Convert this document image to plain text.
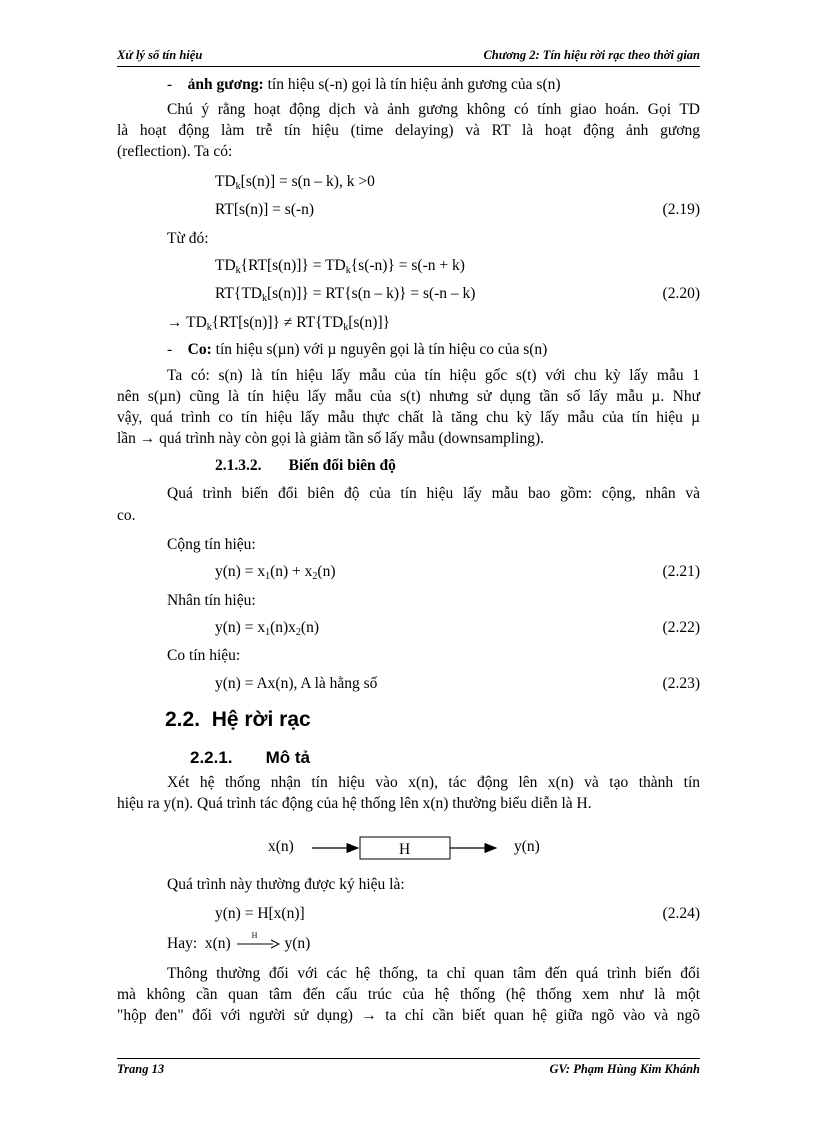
Xử lý số tín hiệu	Chương 2: Tín hiệu rời rạc theo thời gian
- ảnh gương: tín hiệu s(-n) gọi là tín hiệu ảnh gương của s(n)
Chú ý rằng hoạt động dịch và ảnh gương không có tính giao hoán. Gọi TD
là hoạt động làm trễ tín hiệu (time delaying) và RT là hoạt động ảnh gương
(reflection). Ta có:
$TD_k[s(n)] = s(n - k)$, k >0
RT[s(n)] = s(-n)	(2.19)
Từ đó:
$TD_k\{RT[s(n)]\} = TD_k\{s(-n)\} = s(-n + k)$
$RT\{TD_k[s(n)]\} = RT\{s(n - k)\} = s(-n - k)$	(2.20)
→ $TD_k\{RT[s(n)]\} \ne RT\{TD_k[s(n)]\}$
- Co: tín hiệu s(µn) với µ nguyên gọi là tín hiệu co của s(n)
Ta có: s(n) là tín hiệu lấy mẫu của tín hiệu gốc s(t) với chu kỳ lấy mẫu 1
nên s(µn) cũng là tín hiệu lấy mẫu của s(t) nhưng sử dụng tần số lấy mẫu µ. Như
vậy, quá trình co tín hiệu lấy mẫu thực chất là tăng chu kỳ lấy mẫu của tín hiệu µ
lần → quá trình này còn gọi là giảm tần số lấy mẫu (downsampling).
2.1.3.2. Biến đổi biên độ
Quá trình biến đổi biên độ của tín hiệu lấy mẫu bao gồm: cộng, nhân và
co.
Cộng tín hiệu:
$y(n) = x_1(n) + x_2(n)$	(2.21)
Nhân tín hiệu:
$y(n) = x_1(n)x_2(n)$	(2.22)
Co tín hiệu:
y(n) = Ax(n), A là hằng số	(2.23)
2.2. Hệ rời rạc
2.2.1. Mô tả
Xét hệ thống nhận tín hiệu vào x(n), tác động lên x(n) và tạo thành tín
hiệu ra y(n). Quá trình tác động của hệ thống lên x(n) thường biểu diễn là H.
x(n)	H	y(n)
Quá trình này thường được ký hiệu là:
y(n) = H[x(n)]	(2.24)
Hay: x(n)	H y(n)
Thông thường đối với các hệ thống, ta chỉ quan tâm đến quá trình biến đổi
mà không cần quan tâm đến cấu trúc của hệ thống (hệ thống xem như là một
"hộp đen" đối với người sử dụng) → ta chỉ cần biết quan hệ giữa ngõ vào và ngõ
Trang 13	GV: Phạm Hùng Kim Khánh
